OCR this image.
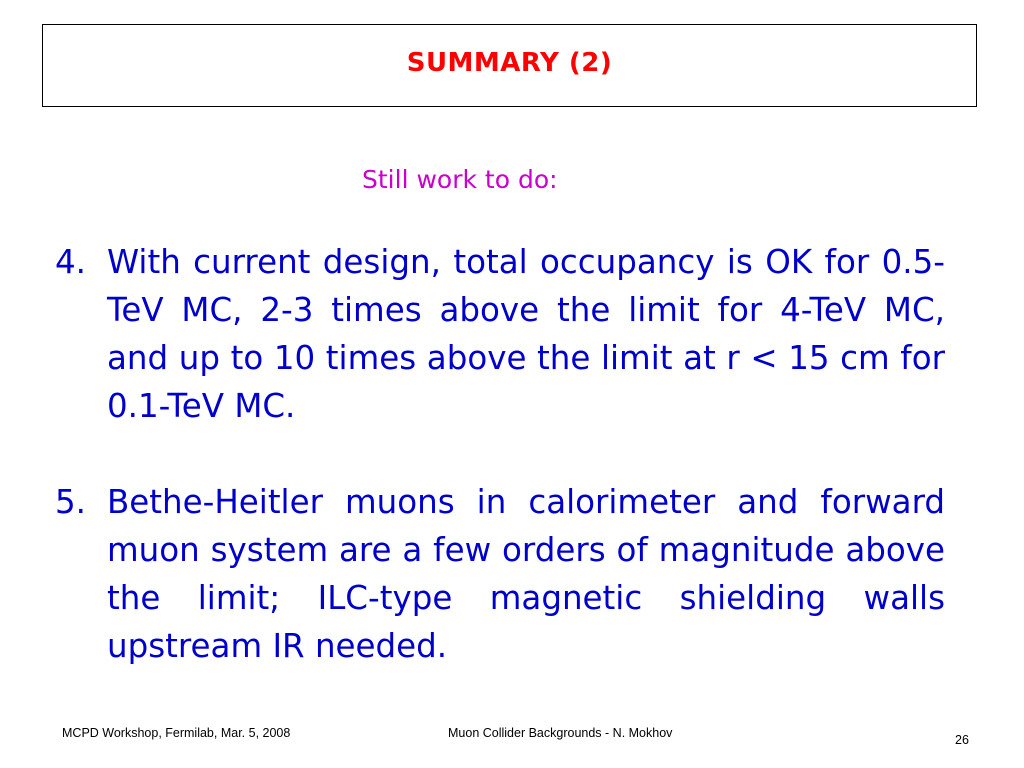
SUMMARY (2)
Still work to do:
4. With current design, total occupancy is OK for 0.5-TeV MC, 2-3 times above the limit for 4-TeV MC, and up to 10 times above the limit at r < 15 cm for 0.1-TeV MC.
5. Bethe-Heitler muons in calorimeter and forward muon system are a few orders of magnitude above the limit; ILC-type magnetic shielding walls upstream IR needed.
MCPD Workshop, Fermilab, Mar. 5, 2008	Muon Collider Backgrounds - N. Mokhov	26
